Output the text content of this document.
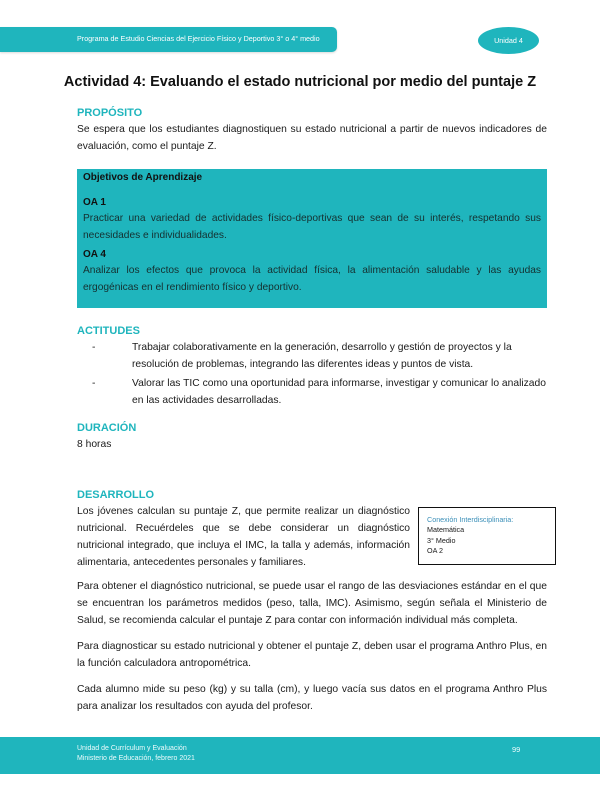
Programa de Estudio Ciencias del Ejercicio Físico y Deportivo 3° o 4° medio	Unidad 4
Actividad 4: Evaluando el estado nutricional por medio del puntaje Z
PROPÓSITO
Se espera que los estudiantes diagnostiquen su estado nutricional a partir de nuevos indicadores de evaluación, como el puntaje Z.
Objetivos de Aprendizaje
OA 1
Practicar una variedad de actividades físico-deportivas que sean de su interés, respetando sus necesidades e individualidades.
OA 4
Analizar los efectos que provoca la actividad física, la alimentación saludable y las ayudas ergogénicas en el rendimiento físico y deportivo.
ACTITUDES
-	Trabajar colaborativamente en la generación, desarrollo y gestión de proyectos y la resolución de problemas, integrando las diferentes ideas y puntos de vista.
-	Valorar las TIC como una oportunidad para informarse, investigar y comunicar lo analizado en las actividades desarrolladas.
DURACIÓN
8 horas
DESARROLLO
Los jóvenes calculan su puntaje Z, que permite realizar un diagnóstico nutricional. Recuérdeles que se debe considerar un diagnóstico nutricional integrado, que incluya el IMC, la talla y además, información alimentaria, antecedentes personales y familiares.
Conexión Interdisciplinaria:
Matemática
3° Medio
OA 2
Para obtener el diagnóstico nutricional, se puede usar el rango de las desviaciones estándar en el que se encuentran los parámetros medidos (peso, talla, IMC). Asimismo, según señala el Ministerio de Salud, se recomienda calcular el puntaje Z para contar con información individual más completa.
Para diagnosticar su estado nutricional y obtener el puntaje Z, deben usar el programa Anthro Plus, en la función calculadora antropométrica.
Cada alumno mide su peso (kg) y su talla (cm), y luego vacía sus datos en el programa Anthro Plus para analizar los resultados con ayuda del profesor.
Unidad de Currículum y Evaluación
Ministerio de Educación, febrero 2021
99
